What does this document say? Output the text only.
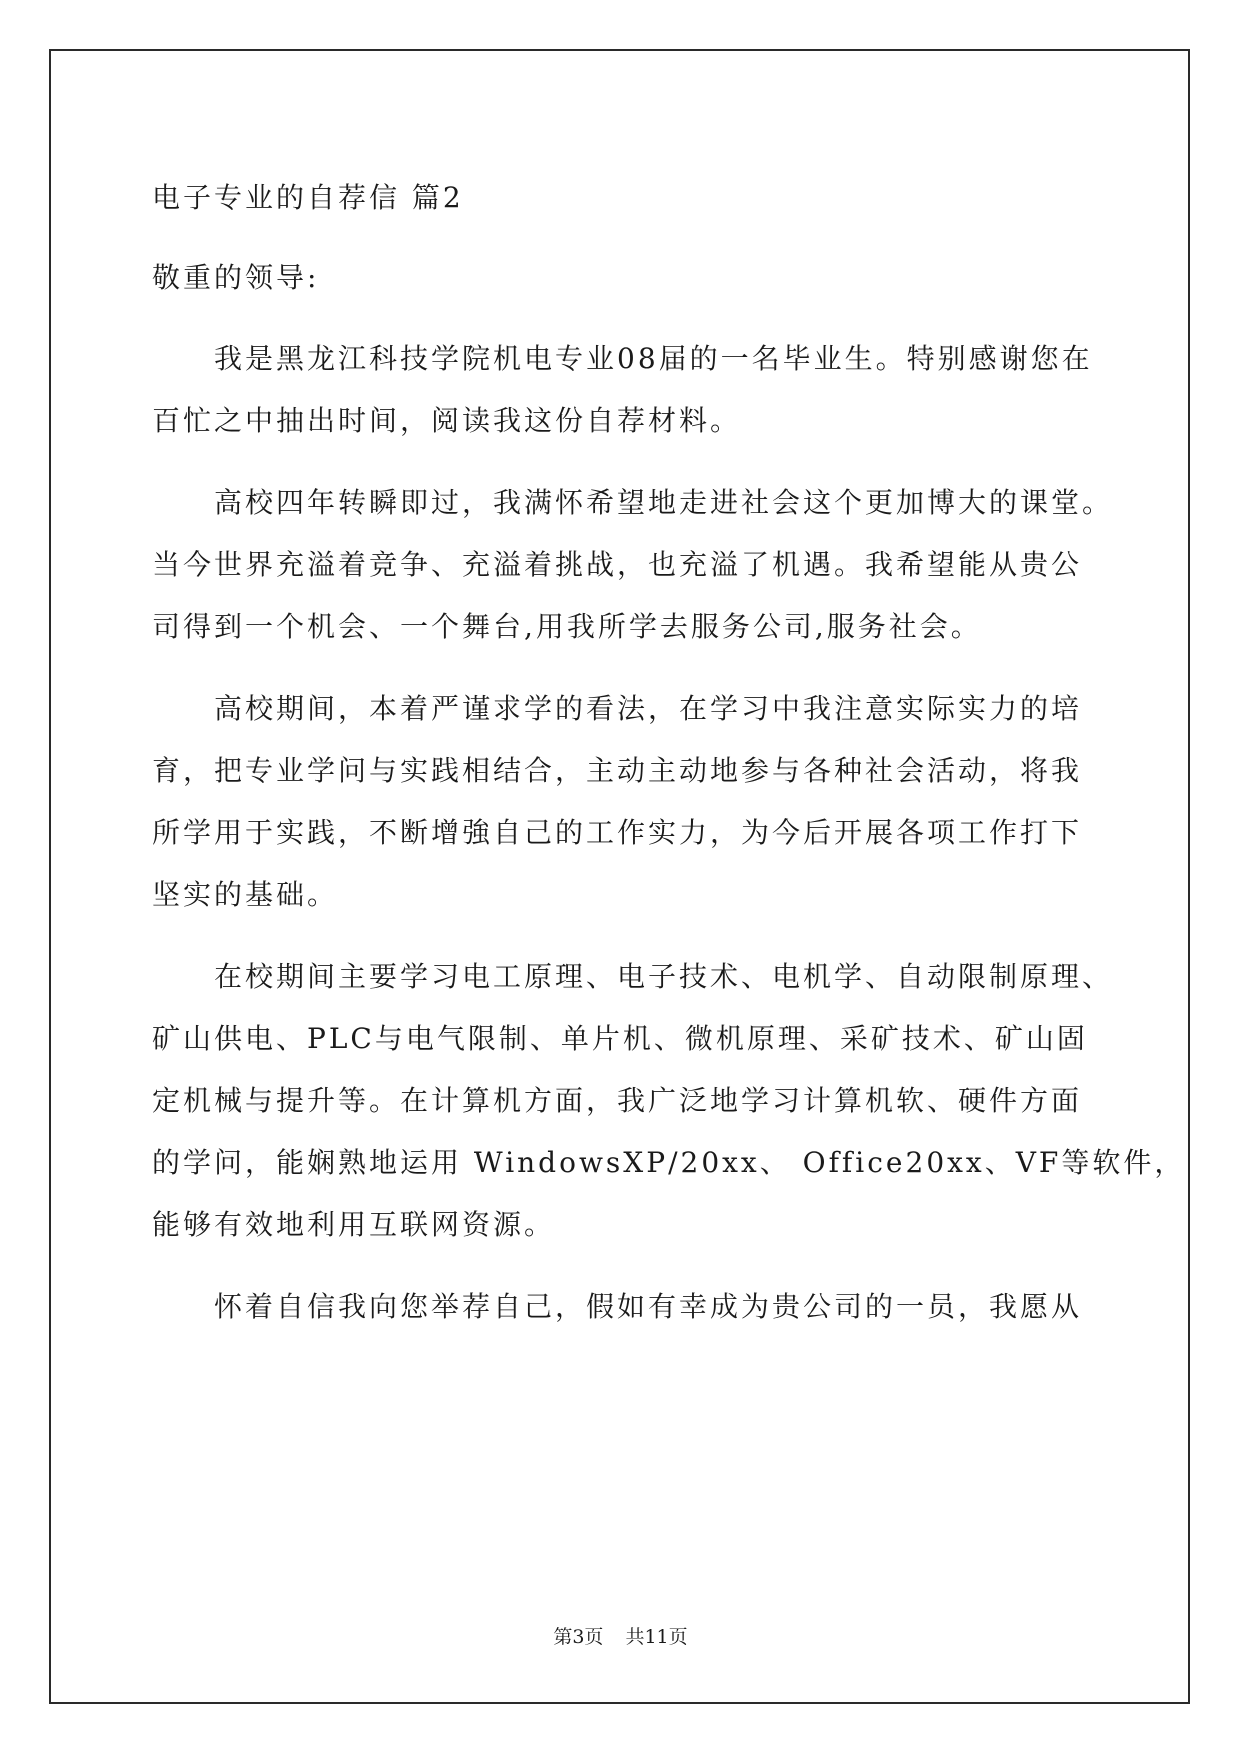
电子专业的自荐信 篇2
敬重的领导:
我是黑龙江科技学院机电专业08届的一名毕业生。特别感谢您在
百忙之中抽出时间，阅读我这份自荐材料。
高校四年转瞬即过，我满怀希望地走进社会这个更加博大的课堂。
当今世界充溢着竞争、充溢着挑战，也充溢了机遇。我希望能从贵公
司得到一个机会、一个舞台,用我所学去服务公司,服务社会。
高校期间，本着严谨求学的看法，在学习中我注意实际实力的培
育，把专业学问与实践相结合，主动主动地参与各种社会活动，将我
所学用于实践，不断增強自己的工作实力，为今后开展各项工作打下
坚实的基础。
在校期间主要学习电工原理、电子技术、电机学、自动限制原理、
矿山供电、PLC与电气限制、单片机、微机原理、采矿技术、矿山固
定机械与提升等。在计算机方面，我广泛地学习计算机软、硬件方面
的学问，能娴熟地运用 WindowsXP/20xx、 Office20xx、VF等软件，
能够有效地利用互联网资源。
怀着自信我向您举荐自己，假如有幸成为贵公司的一员，我愿从
第3页 共11页
